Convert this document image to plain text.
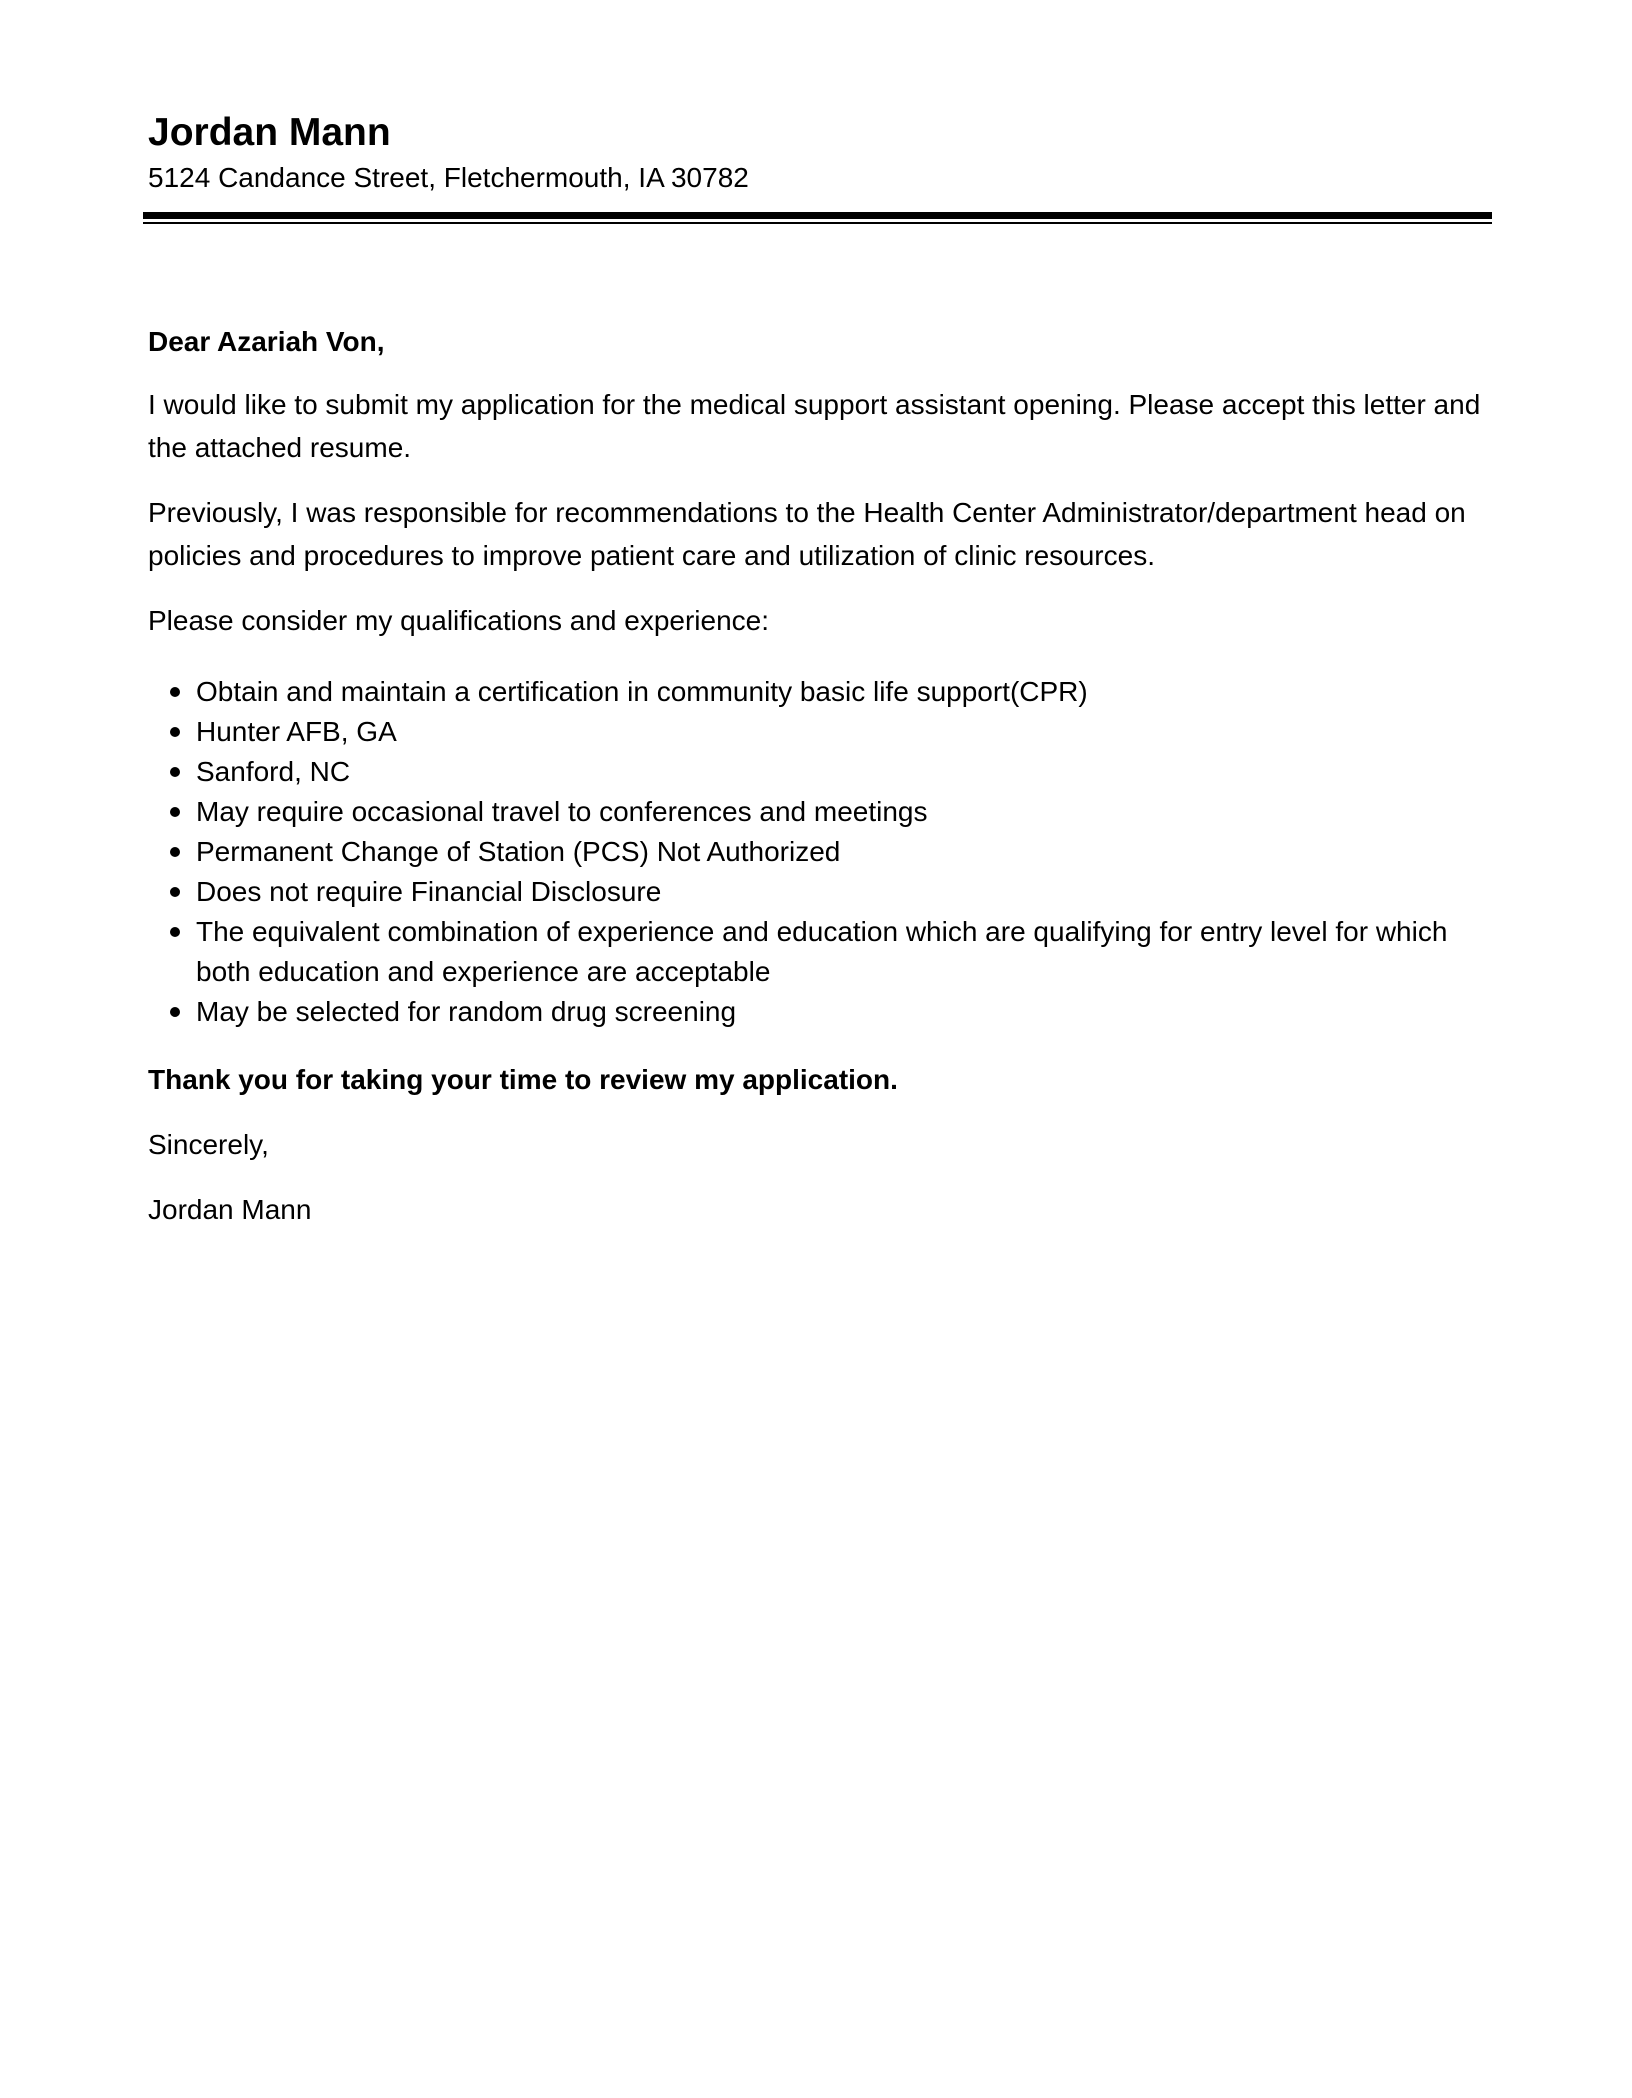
Jordan Mann

5124 Candance Street, Fletchermouth, IA 30782

Dear Azariah Von,

I would like to submit my application for the medical support assistant opening. Please accept this letter and the attached resume.

Previously, I was responsible for recommendations to the Health Center Administrator/department head on policies and procedures to improve patient care and utilization of clinic resources.

Please consider my qualifications and experience:

Obtain and maintain a certification in community basic life support(CPR)
Hunter AFB, GA
Sanford, NC
May require occasional travel to conferences and meetings
Permanent Change of Station (PCS) Not Authorized
Does not require Financial Disclosure
The equivalent combination of experience and education which are qualifying for entry level for which both education and experience are acceptable
May be selected for random drug screening

Thank you for taking your time to review my application.

Sincerely,

Jordan Mann
